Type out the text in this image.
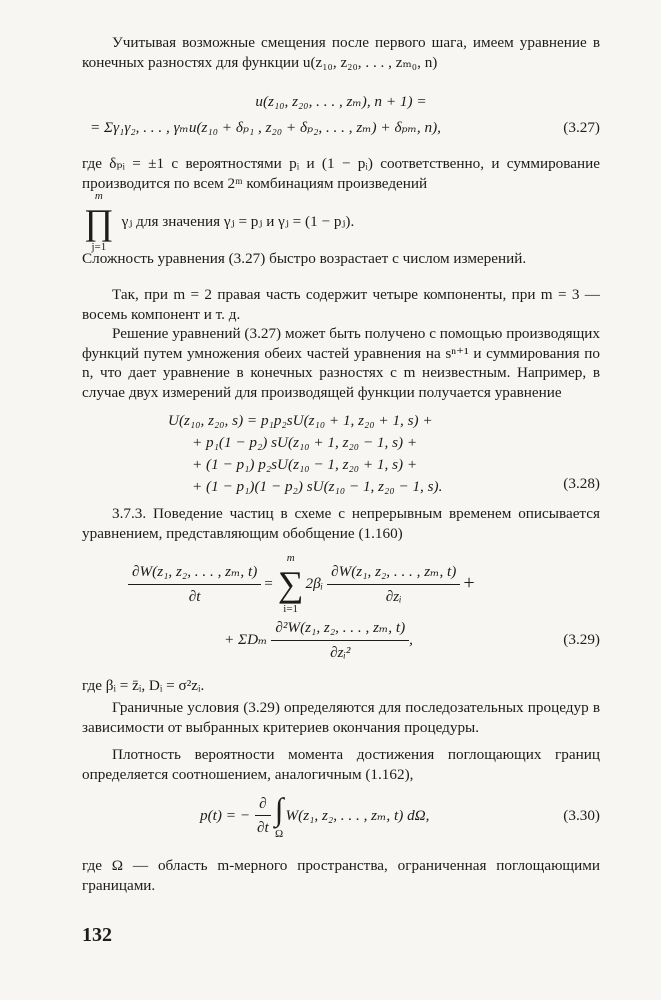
Учитывая возможные смещения после первого шага, имеем уравнение в конечных разностях для функции u(z₁₀, z₂₀, . . . , zₘ₀, n)

u(z₁₀, z₂₀, . . . , zₘ), n + 1) =
= Σγ₁γ₂, . . . , γₘu(z₁₀ + δₚ₁ , z₂₀ + δₚ₂, . . . , zₘ) + δₚₘ, n),	(3.27)

где δₚᵢ = ±1 с вероятностями pᵢ и (1 − pᵢ) соответственно, и суммирование производится по всем 2ᵐ комбинациям произведений

m
∏
j=1
γⱼ для значения γⱼ = pⱼ и γⱼ = (1 − pⱼ).

Сложность уравнения (3.27) быстро возрастает с числом измерений.

Так, при m = 2 правая часть содержит четыре компоненты, при m = 3 — восемь компонент и т. д.

Решение уравнений (3.27) может быть получено с помощью производящих функций путем умножения обеих частей уравнения на sⁿ⁺¹ и суммирования по n, что дает уравнение в конечных разностях с m неизвестным. Например, в случае двух измерений для производящей функции получается уравнение

U(z₁₀, z₂₀, s) = p₁p₂sU(z₁₀ + 1, z₂₀ + 1, s) +
+ p₁(1 − p₂) sU(z₁₀ + 1, z₂₀ − 1, s) +
+ (1 − p₁) p₂sU(z₁₀ − 1, z₂₀ + 1, s) +
+ (1 − p₁)(1 − p₂) sU(z₁₀ − 1, z₂₀ − 1, s).	(3.28)

3.7.3. Поведение частиц в схеме с непрерывным временем описывается уравнением, представляющим обобщение (1.160)

$\frac{\text{∂W(z₁, z₂, . . . , zₘ, t)}}{\partial t}$ =
m
∑
i=1
2βᵢ $\frac{\text{∂W(z₁, z₂, . . . , zₘ, t)}}{\text{∂zᵢ}}$ +
+ ΣDₘ $\frac{\text{∂²W(z₁, z₂, . . . , zₘ, t)}}{\text{∂zᵢ²}}$ ,	(3.29)

где βᵢ = z̄ᵢ, Dᵢ = σ²zᵢ.

Граничные условия (3.29) определяются для последозательных процедур в зависимости от выбранных критериев окончания процедуры.

Плотность вероятности момента достижения поглощающих границ определяется соотношением, аналогичным (1.162),

p(t) = − $\frac{\partial}{\partial t}$ ∫
Ω
W(z₁, z₂, . . . , zₘ, t) dΩ,	(3.30)

где Ω — область m-мерного пространства, ограниченная поглощающими границами.

132
